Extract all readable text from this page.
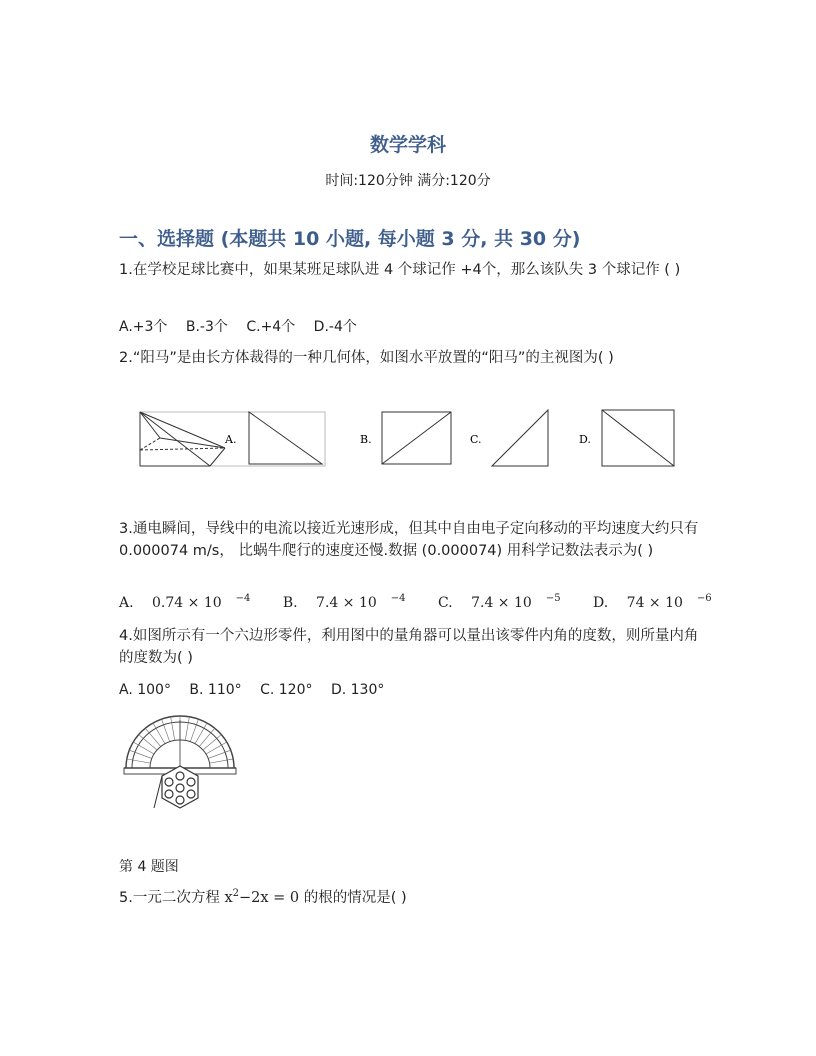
数学学科
时间:120分钟 满分:120分
一、选择题 (本题共 10 小题, 每小题 3 分, 共 30 分)
1.在学校足球比赛中，如果某班足球队进 4 个球记作 +4个，那么该队失 3 个球记作 ( )
A.+3个 B.-3个 C.+4个 D.-4个
2.“阳马”是由长方体裁得的一种几何体，如图水平放置的“阳马”的主视图为( )
A.	B.	C.	D.
3.通电瞬间，导线中的电流以接近光速形成，但其中自由电子定向移动的平均速度大约只有 0.000074 m/s， 比蜗牛爬行的速度还慢.数据 (0.000074) 用科学记数法表示为( )
A. 0.74 × 10 $^{-4}$ B. 7.4 × 10 $^{-4}$ C. 7.4 × 10 $^{-5}$ D. 74 × 10 $^{-6}$
4.如图所示有一个六边形零件，利用图中的量角器可以量出该零件内角的度数，则所量内角的度数为( )
A. 100° B. 110° C. 120° D. 130°
第 4 题图
5.一元二次方程 $x^2-2x = 0$ 的根的情况是( )
